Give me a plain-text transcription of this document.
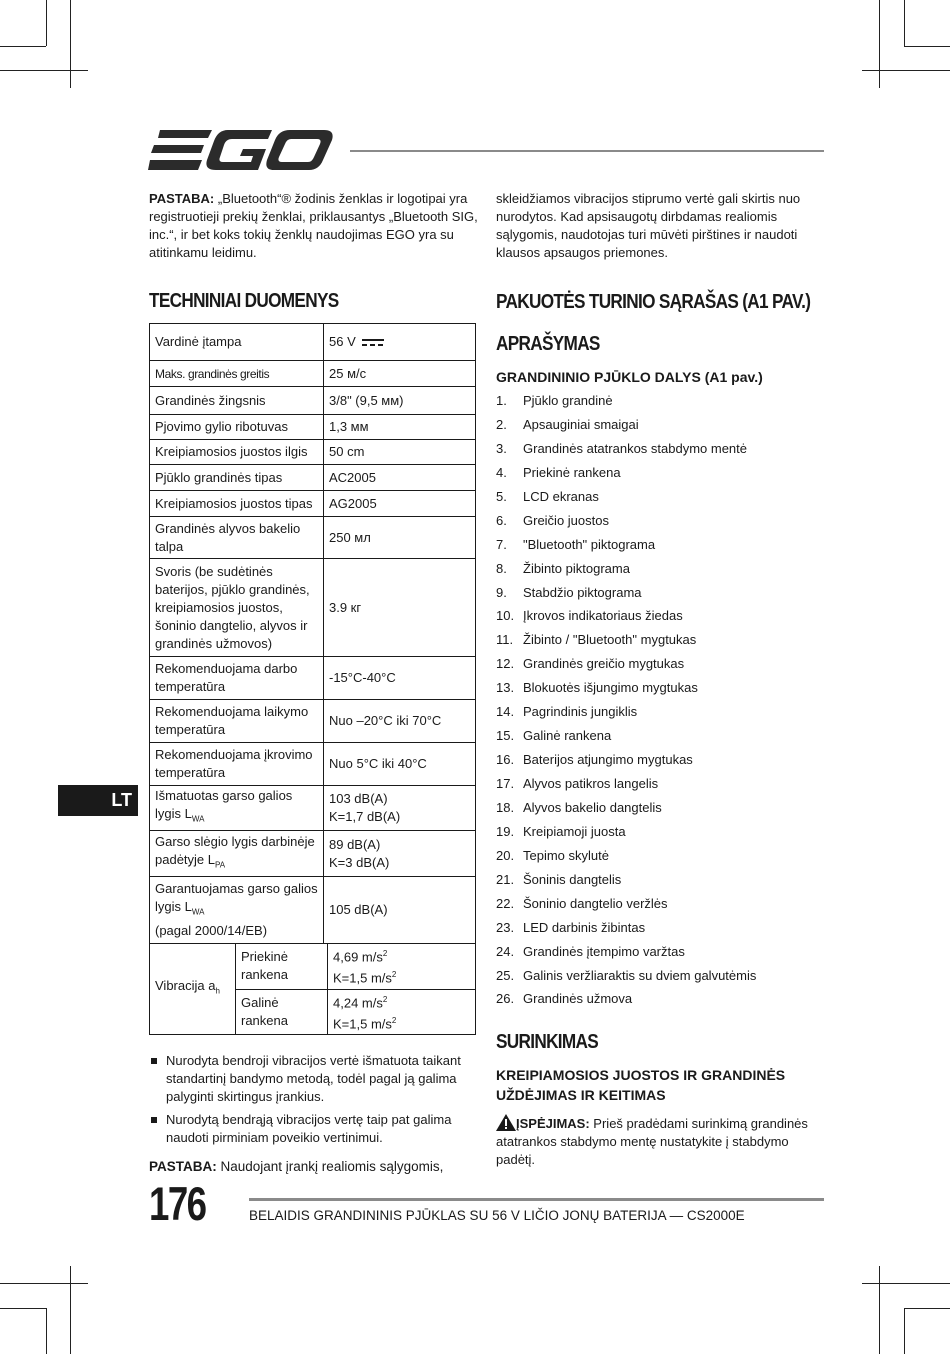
PASTABA: „Bluetooth“® žodinis ženklas ir logotipai yra registruotieji prekių ženklai, priklausantys „Bluetooth SIG, inc.“, ir bet koks tokių ženklų naudojimas EGO yra su atitinkamu leidimu.

TECHNINIAI DUOMENYS
Vardinė įtampa	56 V

Maks. grandinės greitis	25 м/с
Grandinės žingsnis	3/8" (9,5 мм)
Pjovimo gylio ribotuvas	1,3 мм
Kreipiamosios juostos ilgis	50 cm
Pjūklo grandinės tipas	AC2005
Kreipiamosios juostos tipas	AG2005
Grandinės alyvos bakelio talpa	250 мл
Svoris (be sudėtinės baterijos, pjūklo grandinės, kreipiamosios juostos, šoninio dangtelio, alyvos ir grandinės užmovos)	3.9 кг
Rekomenduojama darbo temperatūra	-15°C-40°C
Rekomenduojama laikymo temperatūra	Nuo –20°C iki 70°C
Rekomenduojama įkrovimo temperatūra	Nuo 5°C iki 40°C
Išmatuotas garso galios lygis $L_{WA}$	103 dB(A)
K=1,7 dB(A)
Garso slėgio lygis darbinėje padėtyje $L_{PA}$	89 dB(A)
K=3 dB(A)
Garantuojamas garso galios lygis $L_{WA}$
(pagal 2000/14/EB)	105 dB(A)
Vibracija $a_h$	Priekinė rankena	4,69 $m/s^2$
K=1,5 $m/s^2$
	Galinė rankena	4,24 $m/s^2$
K=1,5 $m/s^2$
Nurodyta bendroji vibracijos vertė išmatuota taikant standartinį bandymo metodą, todėl pagal ją galima palyginti skirtingus įrankius.
Nurodytą bendrąją vibracijos vertę taip pat galima naudoti pirminiam poveikio vertinimui.

PASTABA: Naudojant įrankį realiomis sąlygomis,

skleidžiamos vibracijos stiprumo vertė gali skirtis nuo nurodytos. Kad apsisaugotų dirbdamas realiomis sąlygomis, naudotojas turi mūvėti pirštines ir naudoti klausos apsaugos priemones.

PAKUOTĖS TURINIO SĄRAŠAS (A1 PAV.)
APRAŠYMAS
GRANDININIO PJŪKLO DALYS (A1 pav.)
1.	Pjūklo grandinė
2.	Apsauginiai smaigai
3.	Grandinės atatrankos stabdymo mentė
4.	Priekinė rankena
5.	LCD ekranas
6.	Greičio juostos
7.	"Bluetooth" piktograma
8.	Žibinto piktograma
9.	Stabdžio piktograma
10. Įkrovos indikatoriaus žiedas
11. Žibinto / "Bluetooth" mygtukas
12. Grandinės greičio mygtukas
13. Blokuotės išjungimo mygtukas
14. Pagrindinis jungiklis
15. Galinė rankena
16. Baterijos atjungimo mygtukas
17. Alyvos patikros langelis
18. Alyvos bakelio dangtelis
19. Kreipiamoji juosta
20. Tepimo skylutė
21. Šoninis dangtelis
22. Šoninio dangtelio veržlės
23. LED darbinis žibintas
24. Grandinės įtempimo varžtas
25. Galinis veržliaraktis su dviem galvutėmis
26. Grandinės užmova
SURINKIMAS
KREIPIAMOSIOS JUOSTOS IR GRANDINĖS UŽDĖJIMAS IR KEITIMAS

ĮSPĖJIMAS: Prieš pradėdami surinkimą grandinės atatrankos stabdymo mentę nustatykite į stabdymo padėtį.

LT
176	BELAIDIS GRANDININIS PJŪKLAS SU 56 V LIČIO JONŲ BATERIJA — CS2000E
